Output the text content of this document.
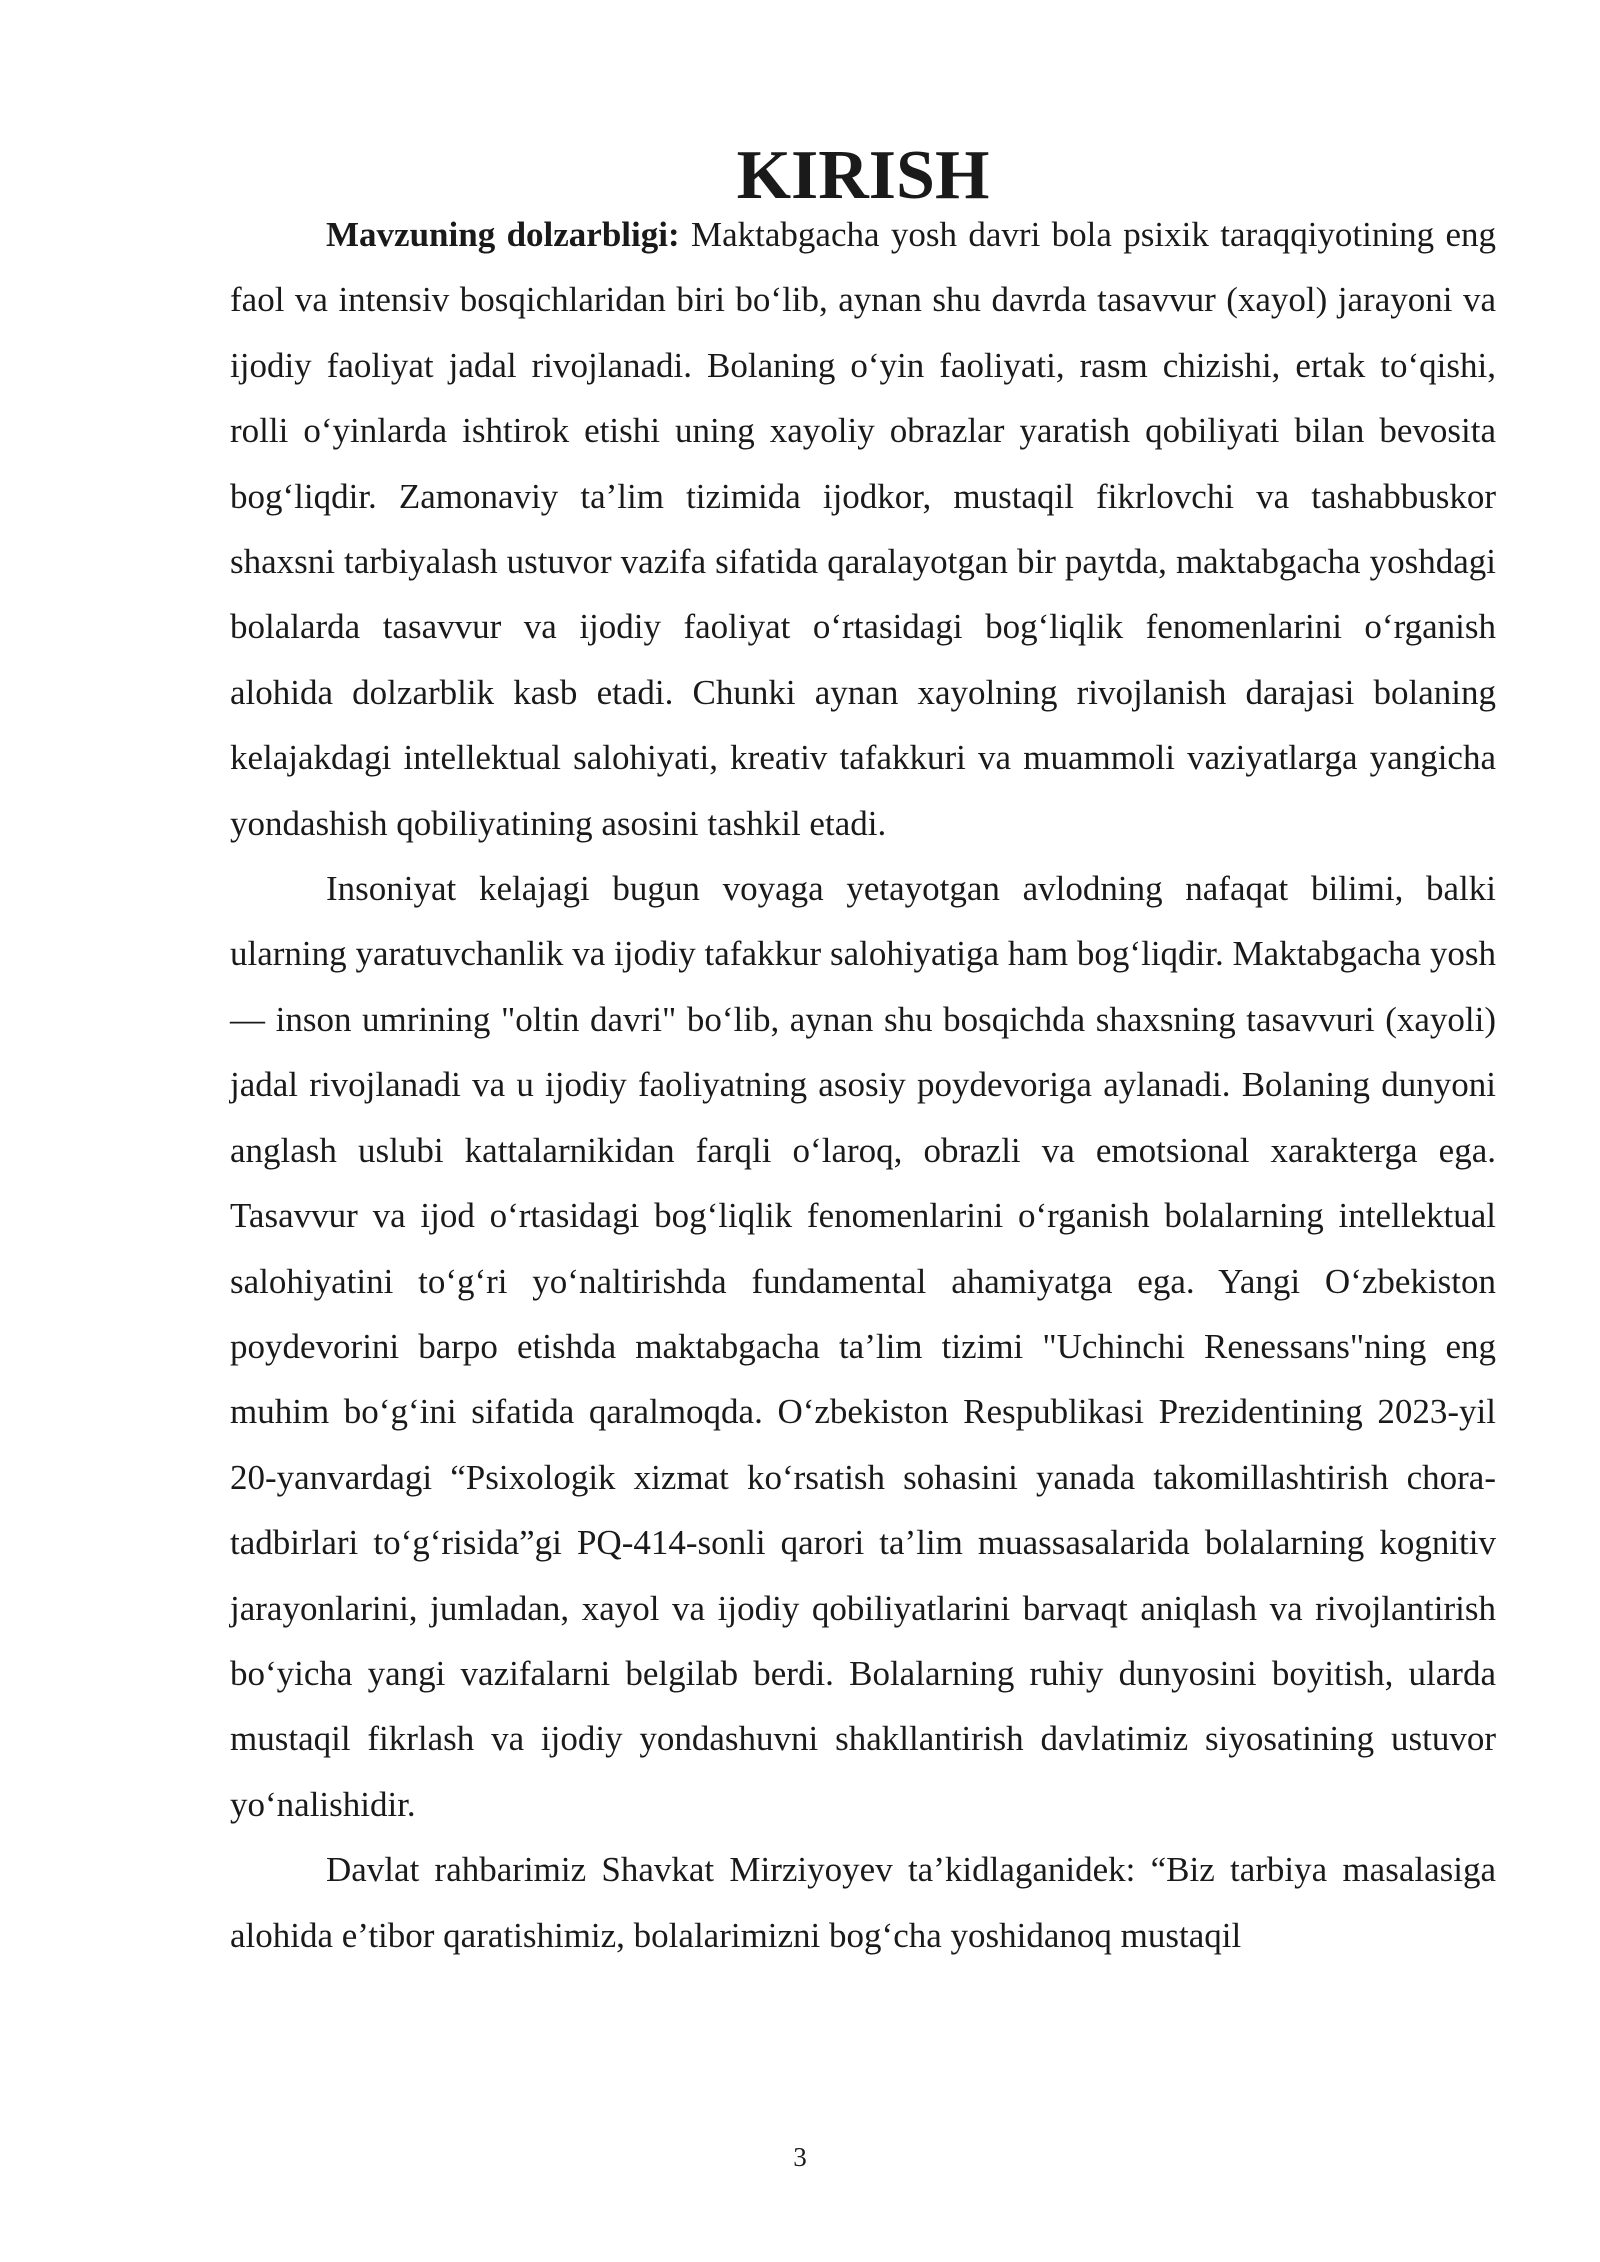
KIRISH

Mavzuning dolzarbligi: Maktabgacha yosh davri bola psixik taraqqiyotining eng faol va intensiv bosqichlaridan biri bo‘lib, aynan shu davrda tasavvur (xayol) jarayoni va ijodiy faoliyat jadal rivojlanadi. Bolaning o‘yin faoliyati, rasm chizishi, ertak to‘qishi, rolli o‘yinlarda ishtirok etishi uning xayoliy obrazlar yaratish qobiliyati bilan bevosita bog‘liqdir. Zamonaviy ta’lim tizimida ijodkor, mustaqil fikrlovchi va tashabbuskor shaxsni tarbiyalash ustuvor vazifa sifatida qaralayotgan bir paytda, maktabgacha yoshdagi bolalarda tasavvur va ijodiy faoliyat o‘rtasidagi bog‘liqlik fenomenlarini o‘rganish alohida dolzarblik kasb etadi. Chunki aynan xayolning rivojlanish darajasi bolaning kelajakdagi intellektual salohiyati, kreativ tafakkuri va muammoli vaziyatlarga yangicha yondashish qobiliyatining asosini tashkil etadi.

Insoniyat kelajagi bugun voyaga yetayotgan avlodning nafaqat bilimi, balki ularning yaratuvchanlik va ijodiy tafakkur salohiyatiga ham bog‘liqdir. Maktabgacha yosh — inson umrining "oltin davri" bo‘lib, aynan shu bosqichda shaxsning tasavvuri (xayoli) jadal rivojlanadi va u ijodiy faoliyatning asosiy poydevoriga aylanadi. Bolaning dunyoni anglash uslubi kattalarnikidan farqli o‘laroq, obrazli va emotsional xarakterga ega. Tasavvur va ijod o‘rtasidagi bog‘liqlik fenomenlarini o‘rganish bolalarning intellektual salohiyatini to‘g‘ri yo‘naltirishda fundamental ahamiyatga ega. Yangi O‘zbekiston poydevorini barpo etishda maktabgacha ta’lim tizimi "Uchinchi Renessans"ning eng muhim bo‘g‘ini sifatida qaralmoqda. O‘zbekiston Respublikasi Prezidentining 2023-yil 20-yanvardagi “Psixologik xizmat ko‘rsatish sohasini yanada takomillashtirish chora-tadbirlari to‘g‘risida”gi PQ-414-sonli qarori ta’lim muassasalarida bolalarning kognitiv jarayonlarini, jumladan, xayol va ijodiy qobiliyatlarini barvaqt aniqlash va rivojlantirish bo‘yicha yangi vazifalarni belgilab berdi. Bolalarning ruhiy dunyosini boyitish, ularda mustaqil fikrlash va ijodiy yondashuvni shakllantirish davlatimiz siyosatining ustuvor yo‘nalishidir.

Davlat rahbarimiz Shavkat Mirziyoyev ta’kidlaganidek: “Biz tarbiya masalasiga alohida e’tibor qaratishimiz, bolalarimizni bog‘cha yoshidanoq mustaqil

3
